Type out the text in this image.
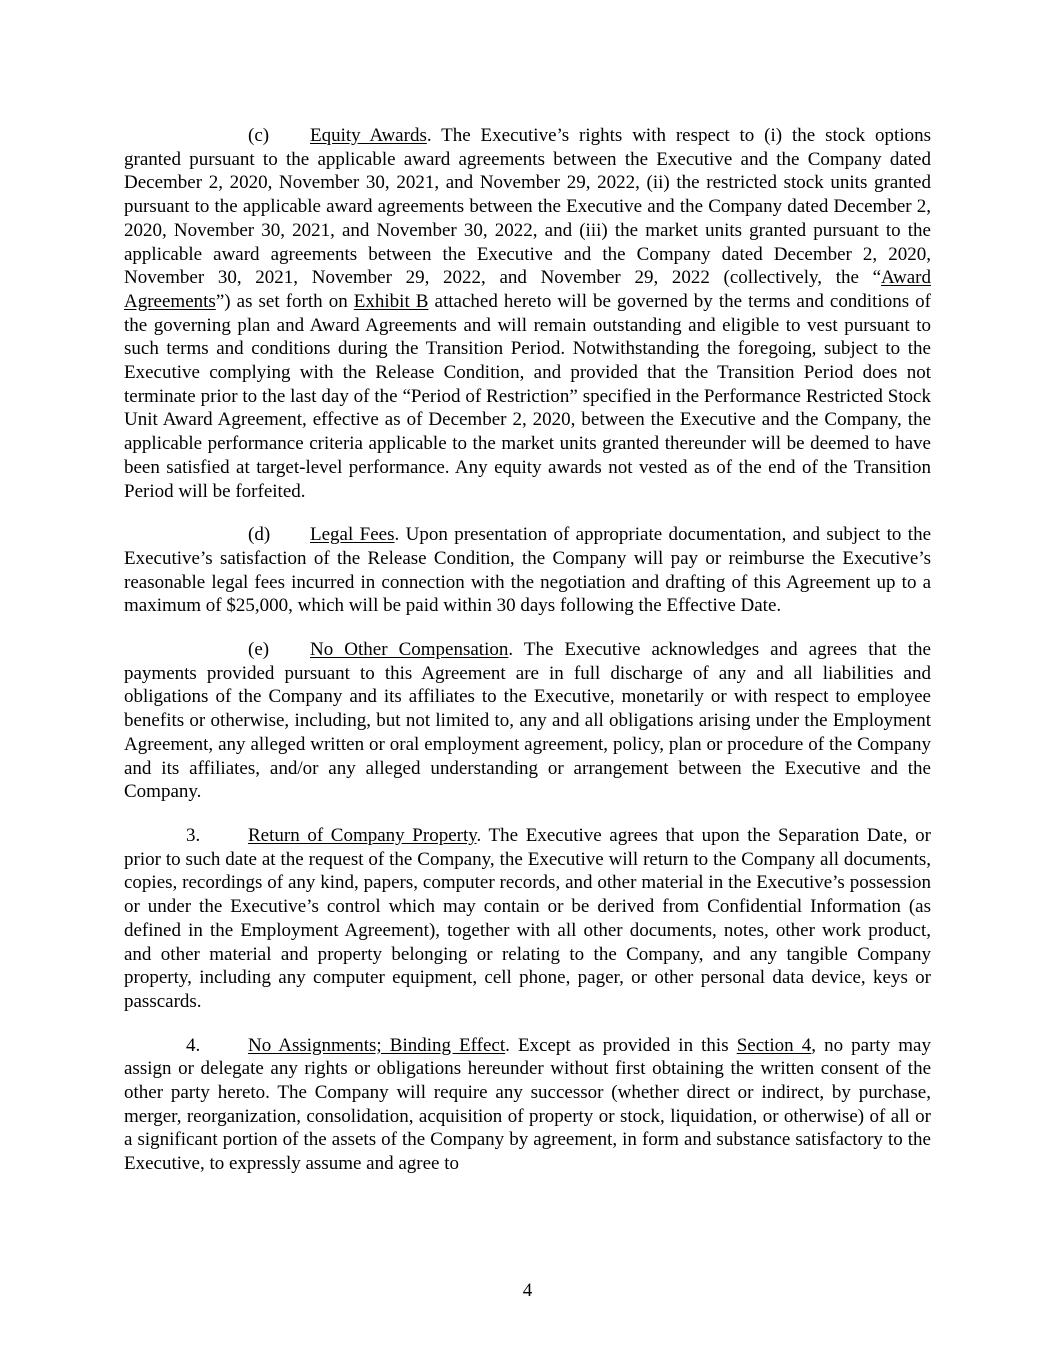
(c) Equity Awards. The Executive’s rights with respect to (i) the stock options granted pursuant to the applicable award agreements between the Executive and the Company dated December 2, 2020, November 30, 2021, and November 29, 2022, (ii) the restricted stock units granted pursuant to the applicable award agreements between the Executive and the Company dated December 2, 2020, November 30, 2021, and November 30, 2022, and (iii) the market units granted pursuant to the applicable award agreements between the Executive and the Company dated December 2, 2020, November 30, 2021, November 29, 2022, and November 29, 2022 (collectively, the “Award Agreements”) as set forth on Exhibit B attached hereto will be governed by the terms and conditions of the governing plan and Award Agreements and will remain outstanding and eligible to vest pursuant to such terms and conditions during the Transition Period. Notwithstanding the foregoing, subject to the Executive complying with the Release Condition, and provided that the Transition Period does not terminate prior to the last day of the “Period of Restriction” specified in the Performance Restricted Stock Unit Award Agreement, effective as of December 2, 2020, between the Executive and the Company, the applicable performance criteria applicable to the market units granted thereunder will be deemed to have been satisfied at target-level performance. Any equity awards not vested as of the end of the Transition Period will be forfeited.

(d) Legal Fees. Upon presentation of appropriate documentation, and subject to the Executive’s satisfaction of the Release Condition, the Company will pay or reimburse the Executive’s reasonable legal fees incurred in connection with the negotiation and drafting of this Agreement up to a maximum of $25,000, which will be paid within 30 days following the Effective Date.

(e) No Other Compensation. The Executive acknowledges and agrees that the payments provided pursuant to this Agreement are in full discharge of any and all liabilities and obligations of the Company and its affiliates to the Executive, monetarily or with respect to employee benefits or otherwise, including, but not limited to, any and all obligations arising under the Employment Agreement, any alleged written or oral employment agreement, policy, plan or procedure of the Company and its affiliates, and/or any alleged understanding or arrangement between the Executive and the Company.

3.	Return of Company Property. The Executive agrees that upon the Separation Date, or prior to such date at the request of the Company, the Executive will return to the Company all documents, copies, recordings of any kind, papers, computer records, and other material in the Executive’s possession or under the Executive’s control which may contain or be derived from Confidential Information (as defined in the Employment Agreement), together with all other documents, notes, other work product, and other material and property belonging or relating to the Company, and any tangible Company property, including any computer equipment, cell phone, pager, or other personal data device, keys or passcards.

4.	No Assignments; Binding Effect. Except as provided in this Section 4, no party may assign or delegate any rights or obligations hereunder without first obtaining the written consent of the other party hereto. The Company will require any successor (whether direct or indirect, by purchase, merger, reorganization, consolidation, acquisition of property or stock, liquidation, or otherwise) of all or a significant portion of the assets of the Company by agreement, in form and substance satisfactory to the Executive, to expressly assume and agree to

4
